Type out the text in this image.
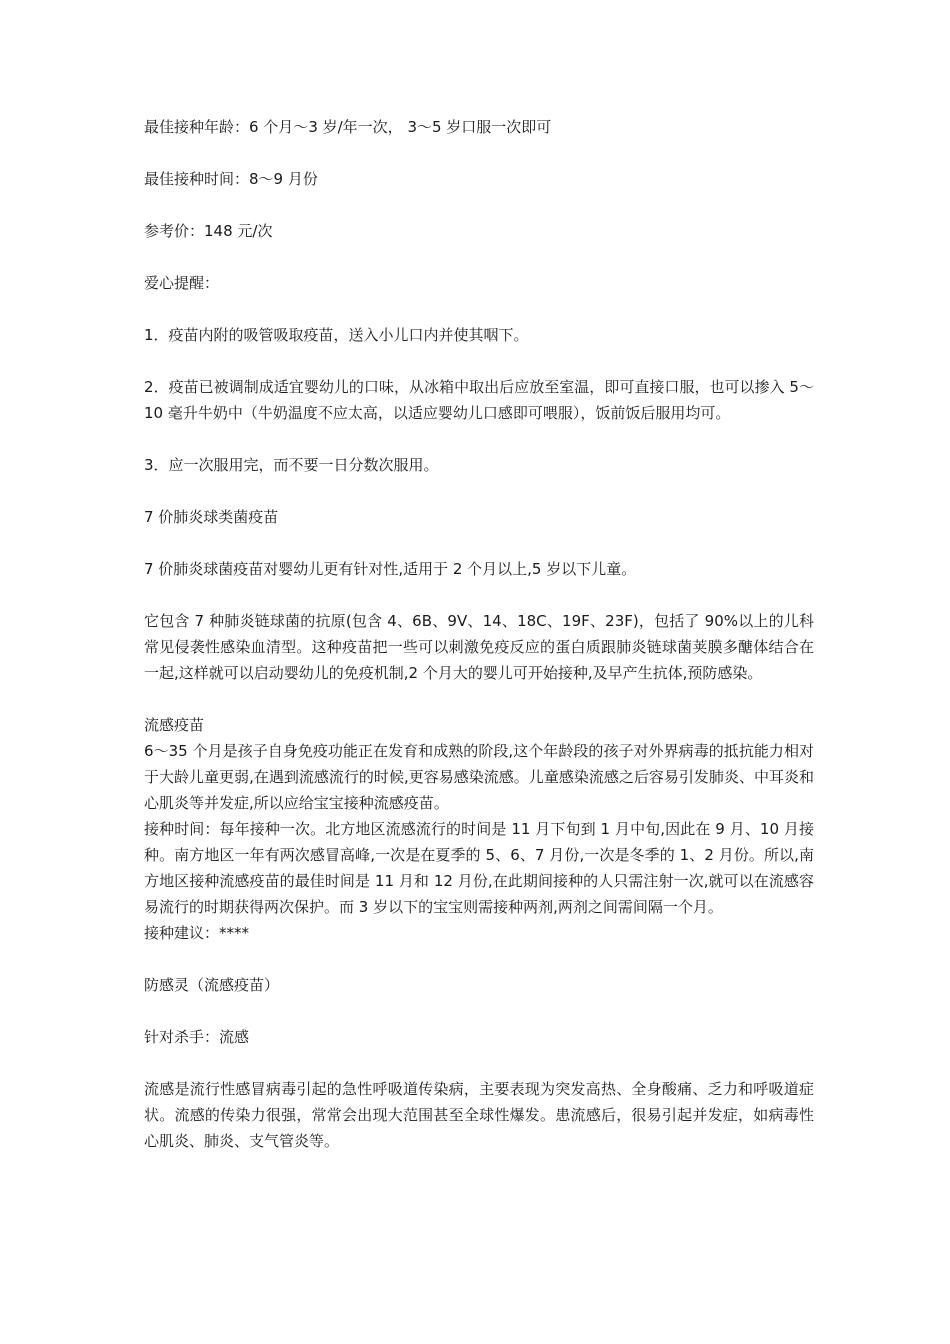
最佳接种年龄：6 个月～3 岁/年一次， 3～5 岁口服一次即可

最佳接种时间：8～9 月份

参考价：148 元/次

爱心提醒：

1．疫苗内附的吸管吸取疫苗，送入小儿口内并使其咽下。

2．疫苗已被调制成适宜婴幼儿的口味，从冰箱中取出后应放至室温，即可直接口服，也可以掺入 5～10 毫升牛奶中（牛奶温度不应太高，以适应婴幼儿口感即可喂服），饭前饭后服用均可。

3．应一次服用完，而不要一日分数次服用。

7 价肺炎球类菌疫苗

7 价肺炎球菌疫苗对婴幼儿更有针对性,适用于 2 个月以上,5 岁以下儿童。

它包含 7 种肺炎链球菌的抗原(包含 4、6B、9V、14、18C、19F、23F)，包括了 90%以上的儿科常见侵袭性感染血清型。这种疫苗把一些可以刺激免疫反应的蛋白质跟肺炎链球菌荚膜多醣体结合在一起,这样就可以启动婴幼儿的免疫机制,2 个月大的婴儿可开始接种,及早产生抗体,预防感染。

流感疫苗

6～35 个月是孩子自身免疫功能正在发育和成熟的阶段,这个年龄段的孩子对外界病毒的抵抗能力相对于大龄儿童更弱,在遇到流感流行的时候,更容易感染流感。儿童感染流感之后容易引发肺炎、中耳炎和心肌炎等并发症,所以应给宝宝接种流感疫苗。

接种时间：每年接种一次。北方地区流感流行的时间是 11 月下旬到 1 月中旬,因此在 9 月、10 月接种。南方地区一年有两次感冒高峰,一次是在夏季的 5、6、7 月份,一次是冬季的 1、2 月份。所以,南方地区接种流感疫苗的最佳时间是 11 月和 12 月份,在此期间接种的人只需注射一次,就可以在流感容易流行的时期获得两次保护。而 3 岁以下的宝宝则需接种两剂,两剂之间需间隔一个月。

接种建议：****

防感灵（流感疫苗）

针对杀手：流感

流感是流行性感冒病毒引起的急性呼吸道传染病，主要表现为突发高热、全身酸痛、乏力和呼吸道症状。流感的传染力很强，常常会出现大范围甚至全球性爆发。患流感后，很易引起并发症，如病毒性心肌炎、肺炎、支气管炎等。
